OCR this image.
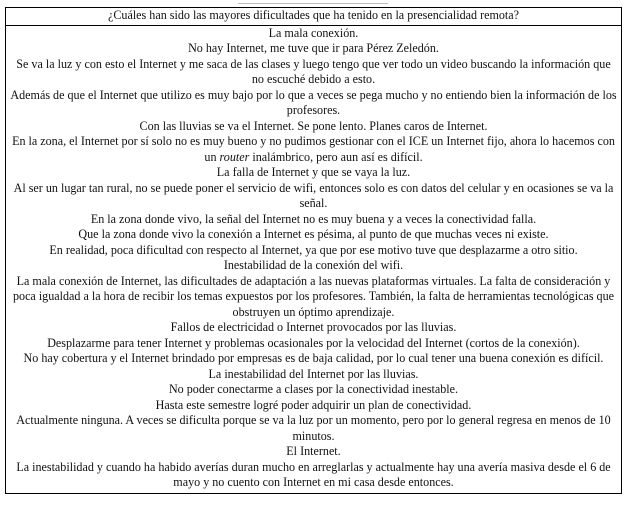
¿Cuáles han sido las mayores dificultades que ha tenido en la presencialidad remota?

La mala conexión.
No hay Internet, me tuve que ir para Pérez Zeledón.
Se va la luz y con esto el Internet y me saca de las clases y luego tengo que ver todo un video buscando la información que no escuché debido a esto.
Además de que el Internet que utilizo es muy bajo por lo que a veces se pega mucho y no entiendo bien la información de los profesores.
Con las lluvias se va el Internet. Se pone lento. Planes caros de Internet.
En la zona, el Internet por sí solo no es muy bueno y no pudimos gestionar con el ICE un Internet fijo, ahora lo hacemos con un router inalámbrico, pero aun así es difícil.
La falla de Internet y que se vaya la luz.
Al ser un lugar tan rural, no se puede poner el servicio de wifi, entonces solo es con datos del celular y en ocasiones se va la señal.
En la zona donde vivo, la señal del Internet no es muy buena y a veces la conectividad falla.
Que la zona donde vivo la conexión a Internet es pésima, al punto de que muchas veces ni existe.
En realidad, poca dificultad con respecto al Internet, ya que por ese motivo tuve que desplazarme a otro sitio.
Inestabilidad de la conexión del wifi.
La mala conexión de Internet, las dificultades de adaptación a las nuevas plataformas virtuales. La falta de consideración y poca igualdad a la hora de recibir los temas expuestos por los profesores. También, la falta de herramientas tecnológicas que obstruyen un óptimo aprendizaje.
Fallos de electricidad o Internet provocados por las lluvias.
Desplazarme para tener Internet y problemas ocasionales por la velocidad del Internet (cortos de la conexión).
No hay cobertura y el Internet brindado por empresas es de baja calidad, por lo cual tener una buena conexión es difícil.
La inestabilidad del Internet por las lluvias.
No poder conectarme a clases por la conectividad inestable.
Hasta este semestre logré poder adquirir un plan de conectividad.
Actualmente ninguna. A veces se dificulta porque se va la luz por un momento, pero por lo general regresa en menos de 10 minutos.
El Internet.
La inestabilidad y cuando ha habido averías duran mucho en arreglarlas y actualmente hay una avería masiva desde el 6 de mayo y no cuento con Internet en mi casa desde entonces.
